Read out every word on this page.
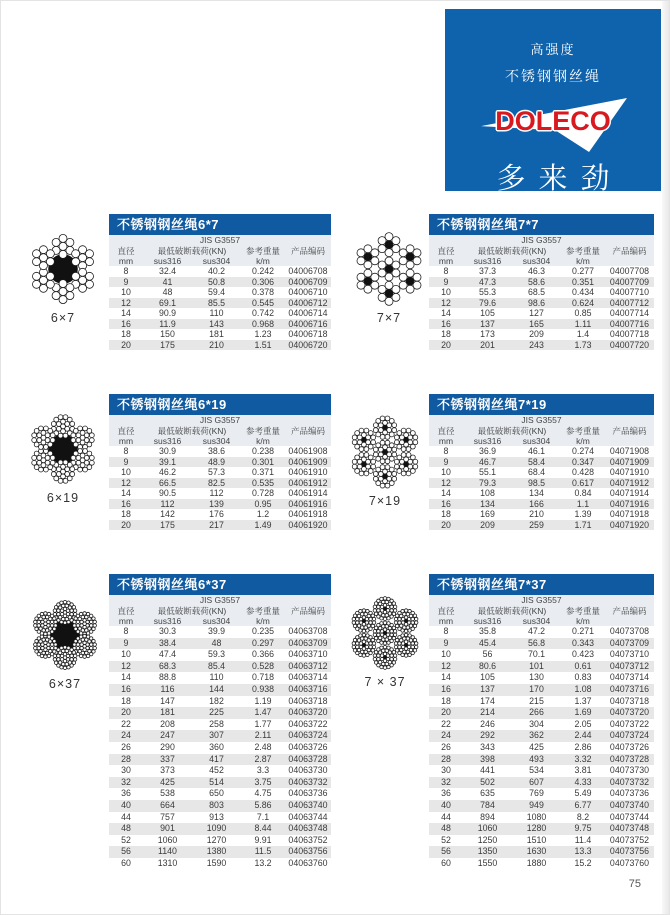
高强度
不锈钢钢丝绳
DOLECO
多来劲
6×7	7×7
6×19	7×19
6×37	7 × 37
不锈钢钢丝绳6*7
JIS G3557
直径	最低破断载荷(KN)	参考重量	产品编码
mm	sus316	sus304	k/m
8	32.4	40.2	0.242	04006708
9	41	50.8	0.306	04006709
10	48	59.4	0.378	04006710
12	69.1	85.5	0.545	04006712
14	90.9	110	0.742	04006714
16	11.9	143	0.968	04006716
18	150	181	1.23	04006718
20	175	210	1.51	04006720
不锈钢钢丝绳7*7
JIS G3557
直径	最低破断载荷(KN)	参考重量	产品编码
mm	sus316	sus304	k/m
8	37.3	46.3	0.277	04007708
9	47.3	58.6	0.351	04007709
10	55.3	68.5	0.434	04007710
12	79.6	98.6	0.624	04007712
14	105	127	0.85	04007714
16	137	165	1.11	04007716
18	173	209	1.4	04007718
20	201	243	1.73	04007720
不锈钢钢丝绳6*19
JIS G3557
直径	最低破断载荷(KN)	参考重量	产品编码
mm	sus316	sus304	k/m
8	30.9	38.6	0.238	04061908
9	39.1	48.9	0.301	04061909
10	46.2	57.3	0.371	04061910
12	66.5	82.5	0.535	04061912
14	90.5	112	0.728	04061914
16	112	139	0.95	04061916
18	142	176	1.2	04061918
20	175	217	1.49	04061920
不锈钢钢丝绳7*19
JIS G3557
直径	最低破断载荷(KN)	参考重量	产品编码
mm	sus316	sus304	k/m
8	36.9	46.1	0.274	04071908
9	46.7	58.4	0.347	04071909
10	55.1	68.4	0.428	04071910
12	79.3	98.5	0.617	04071912
14	108	134	0.84	04071914
16	134	166	1.1	04071916
18	169	210	1.39	04071918
20	209	259	1.71	04071920
不锈钢钢丝绳6*37
JIS G3557
直径	最低破断载荷(KN)	参考重量	产品编码
mm	sus316	sus304	k/m
8	30.3	39.9	0.235	04063708
9	38.4	48	0.297	04063709
10	47.4	59.3	0.366	04063710
12	68.3	85.4	0.528	04063712
14	88.8	110	0.718	04063714
16	116	144	0.938	04063716
18	147	182	1.19	04063718
20	181	225	1.47	04063720
22	208	258	1.77	04063722
24	247	307	2.11	04063724
26	290	360	2.48	04063726
28	337	417	2.87	04063728
30	373	452	3.3	04063730
32	425	514	3.75	04063732
36	538	650	4.75	04063736
40	664	803	5.86	04063740
44	757	913	7.1	04063744
48	901	1090	8.44	04063748
52	1060	1270	9.91	04063752
56	1140	1380	11.5	04063756
60	1310	1590	13.2	04063760
不锈钢钢丝绳7*37
JIS G3557
直径	最低破断载荷(KN)	参考重量	产品编码
mm	sus316	sus304	k/m
8	35.8	47.2	0.271	04073708
9	45.4	56.8	0.343	04073709
10	56	70.1	0.423	04073710
12	80.6	101	0.61	04073712
14	105	130	0.83	04073714
16	137	170	1.08	04073716
18	174	215	1.37	04073718
20	214	266	1.69	04073720
22	246	304	2.05	04073722
24	292	362	2.44	04073724
26	343	425	2.86	04073726
28	398	493	3.32	04073728
30	441	534	3.81	04073730
32	502	607	4.33	04073732
36	635	769	5.49	04073736
40	784	949	6.77	04073740
44	894	1080	8.2	04073744
48	1060	1280	9.75	04073748
52	1250	1510	11.4	04073752
56	1350	1630	13.3	04073756
60	1550	1880	15.2	04073760
75
